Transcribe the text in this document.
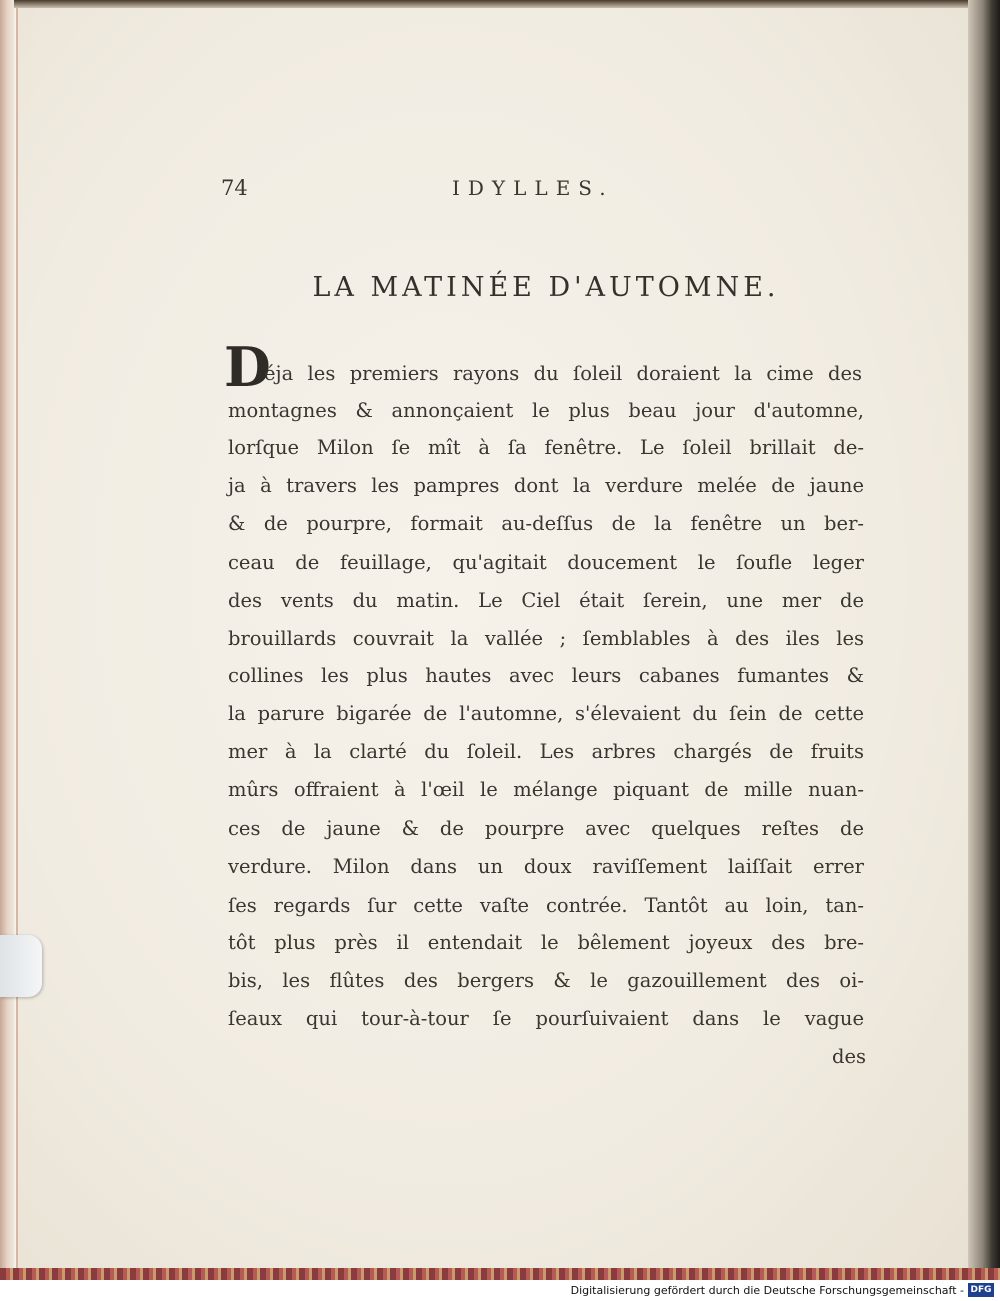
74	IDYLLES.
LA MATINÉE D'AUTOMNE.
D
éja les premiers rayons du ſoleil doraient la cime des
montagnes & annonçaient le plus beau jour d'automne,
lorſque Milon ſe mît à ſa fenêtre. Le ſoleil brillait de-
ja à travers les pampres dont la verdure melée de jaune
& de pourpre, formait au-deſſus de la fenêtre un ber-
ceau de feuillage, qu'agitait doucement le ſoufle leger
des vents du matin. Le Ciel était ſerein, une mer de
brouillards couvrait la vallée ; ſemblables à des iles les
collines les plus hautes avec leurs cabanes fumantes &
la parure bigarée de l'automne, s'élevaient du ſein de cette
mer à la clarté du ſoleil. Les arbres chargés de fruits
mûrs offraient à l'œil le mélange piquant de mille nuan-
ces de jaune & de pourpre avec quelques reſtes de
verdure. Milon dans un doux raviſſement laiſſait errer
ſes regards ſur cette vaſte contrée. Tantôt au loin, tan-
tôt plus près il entendait le bêlement joyeux des bre-
bis, les flûtes des bergers & le gazouillement des oi-
ſeaux qui tour-à-tour ſe pourſuivaient dans le vague
des
Digitalisierung gefördert durch die Deutsche Forschungsgemeinschaft - DFG
